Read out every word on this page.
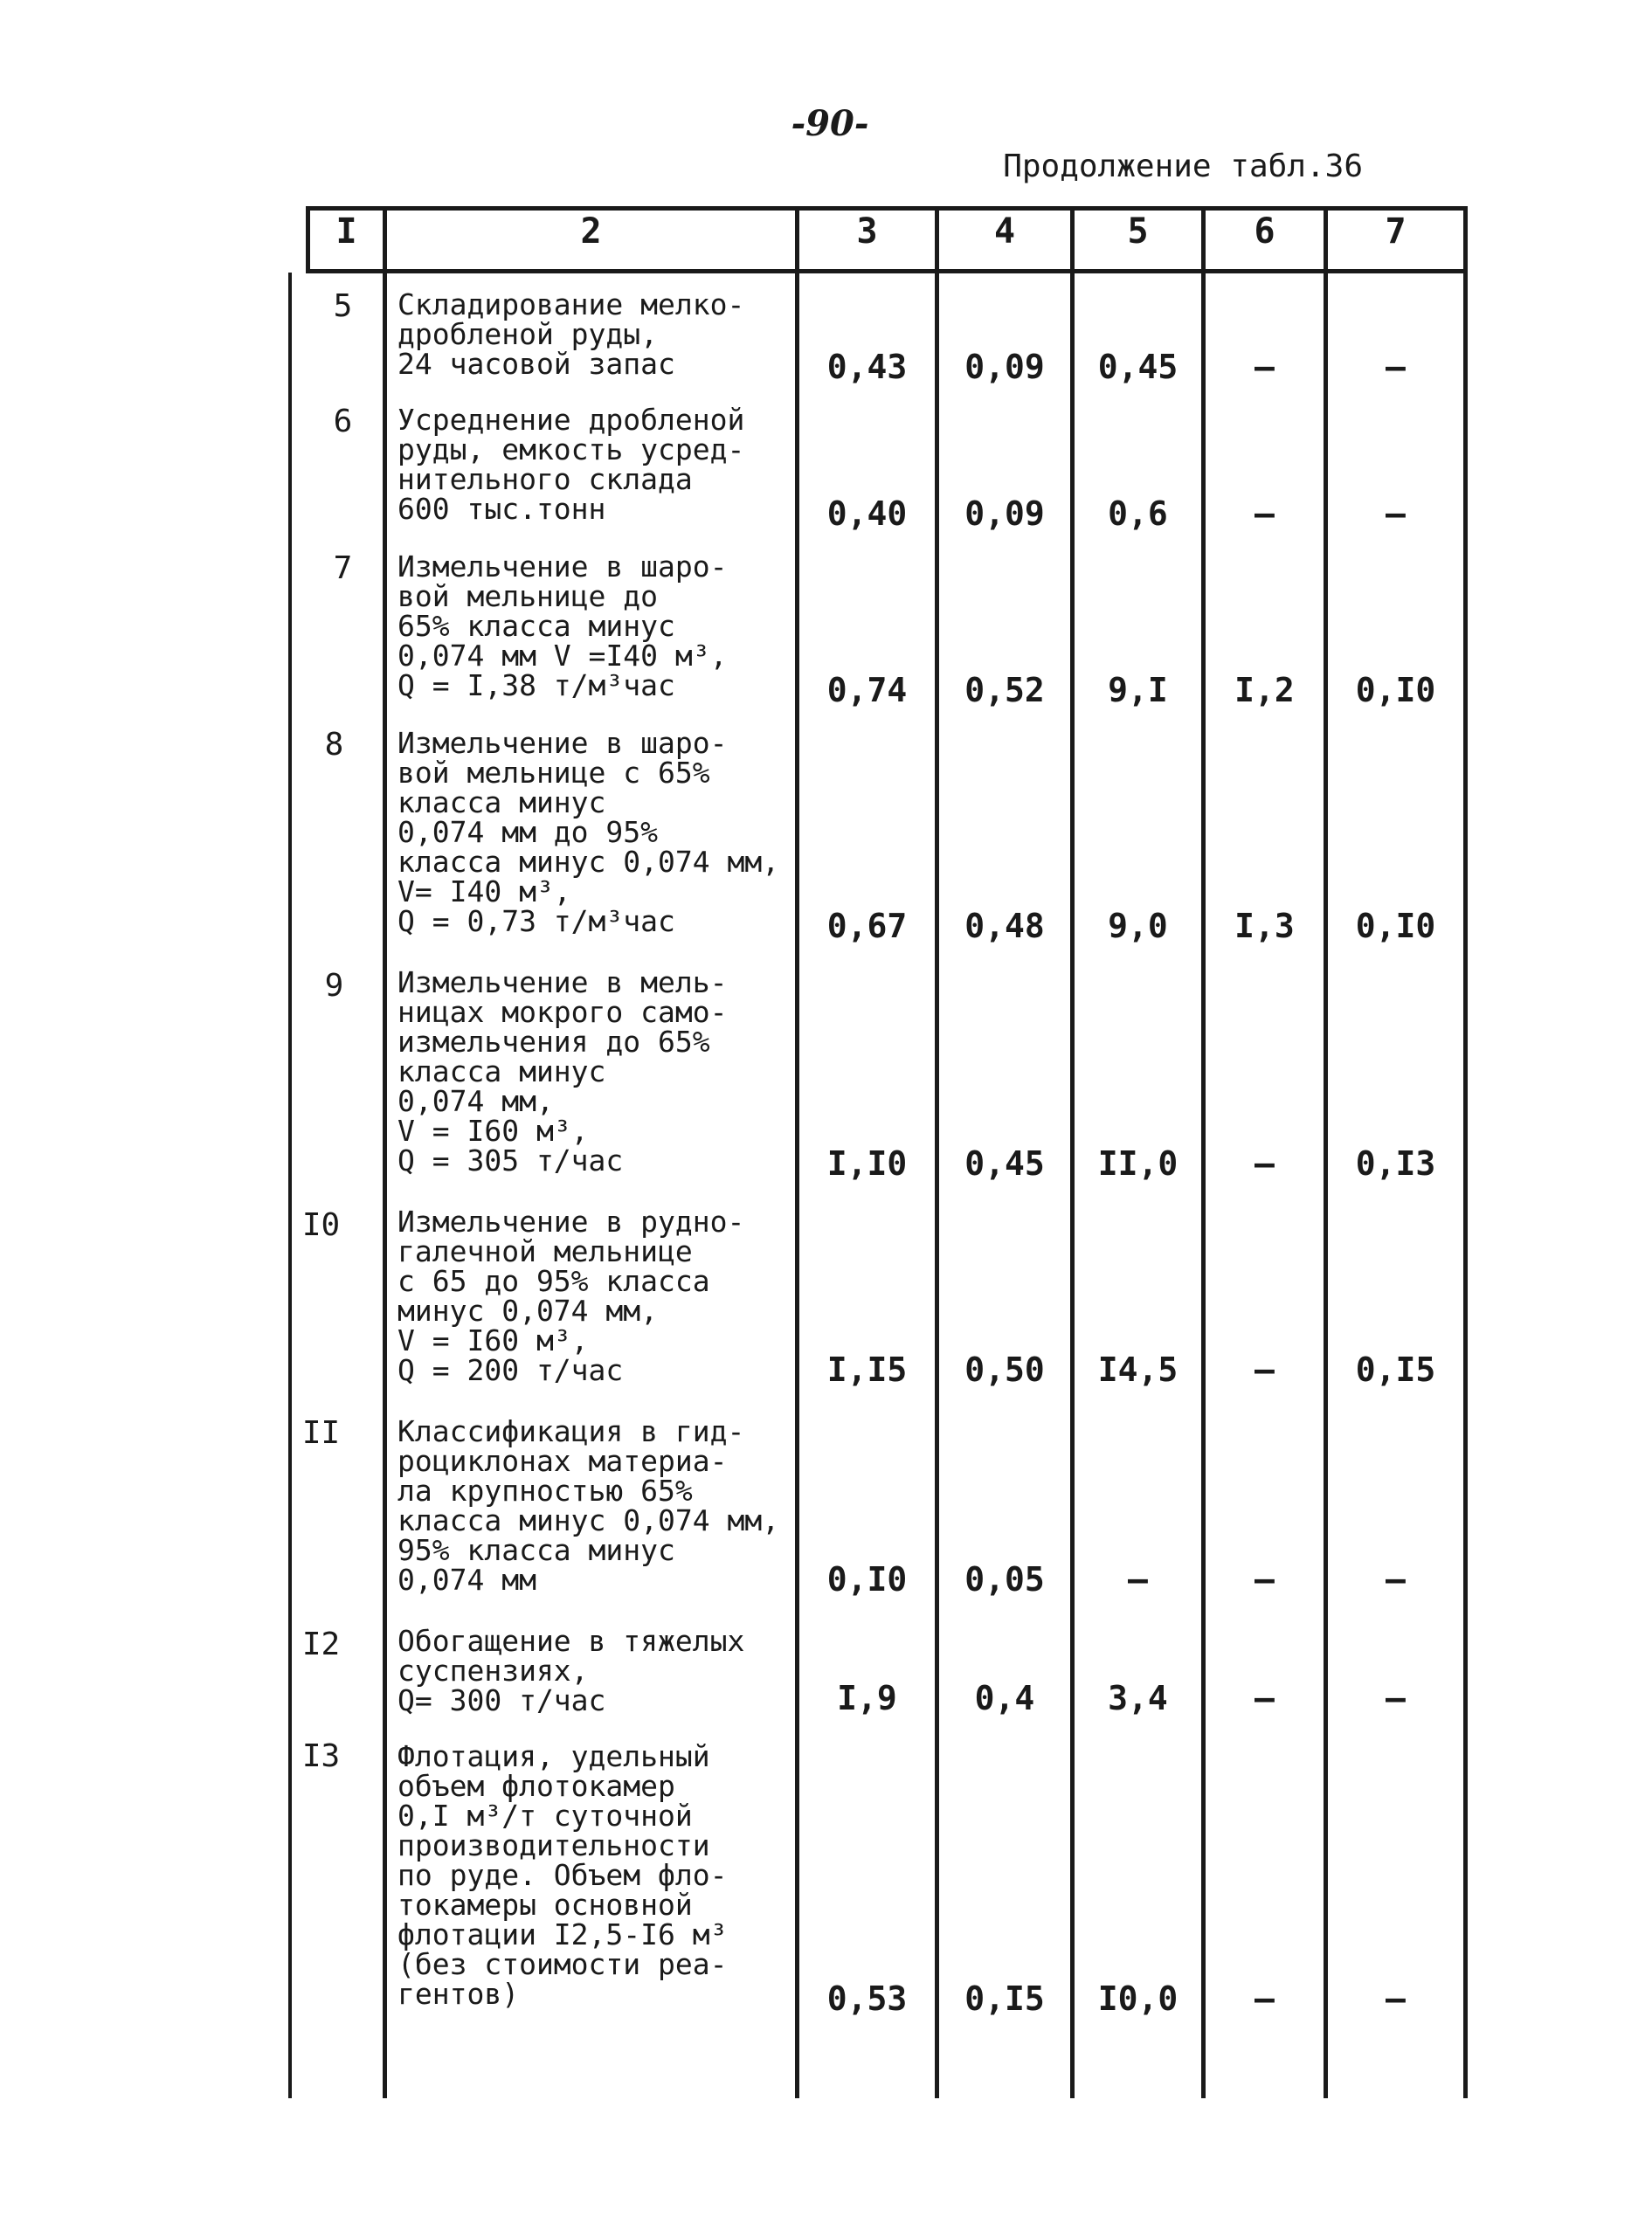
-90-
Продолжение табл.36
I	2	3	4	5	6	7
5	Складирование мелко-
дробленой руды,
24 часовой запас	0,43	0,09	0,45	–	–
6	Усреднение дробленой
руды, емкость усред-
нительного склада
600 тыс.тонн	0,40	0,09	0,6	–	–
7	Измельчение в шаро-
вой мельнице до
65% класса минус
0,074 мм V =I40 м³,
Q = I,38 т/м³час	0,74	0,52	9,I	I,2	0,I0
8	Измельчение в шаро-
вой мельнице с 65%
класса минус
0,074 мм до 95%
класса минус 0,074 мм,
V= I40 м³,
Q = 0,73 т/м³час	0,67	0,48	9,0	I,3	0,I0
9	Измельчение в мель-
ницах мокрого само-
измельчения до 65%
класса минус
0,074 мм,
V = I60 м³,
Q = 305 т/час	I,I0	0,45	II,0	–	0,I3
I0	Измельчение в рудно-
галечной мельнице
с 65 до 95% класса
минус 0,074 мм,
V = I60 м³,
Q = 200 т/час	I,I5	0,50	I4,5	–	0,I5
II	Классификация в гид-
роциклонах материа-
ла крупностью 65%
класса минус 0,074 мм,
95% класса минус
0,074 мм	0,I0	0,05	–	–	–
I2	Обогащение в тяжелых
суспензиях,
Q= 300 т/час	I,9	0,4	3,4	–	–
I3	Флотация, удельный
объем флотокамер
0,I м³/т суточной
производительности
по руде. Объем фло-
токамеры основной
флотации I2,5-I6 м³
(без стоимости реа-
гентов)	0,53	0,I5	I0,0	–	–
